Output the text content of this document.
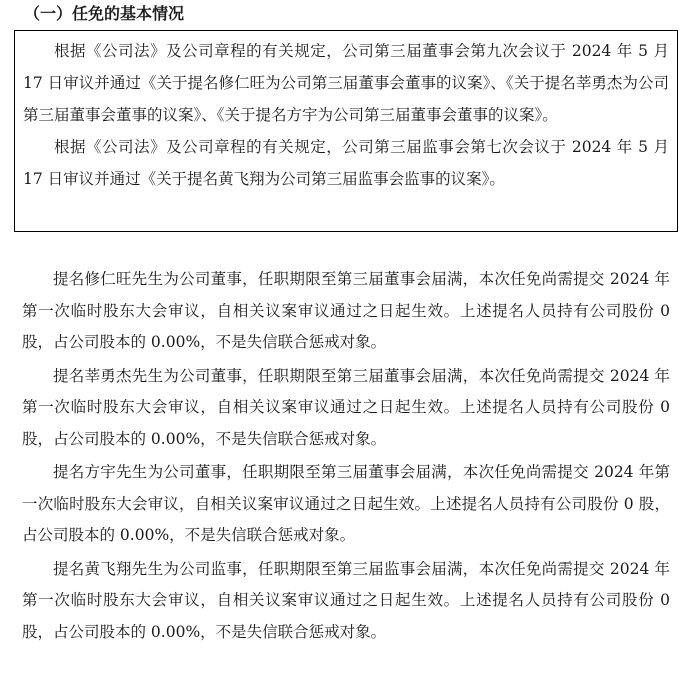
（一）任免的基本情况

根据《公司法》及公司章程的有关规定，公司第三届董事会第九次会议于 2024 年 5 月 17 日审议并通过《关于提名修仁旺为公司第三届董事会董事的议案》、《关于提名莘勇杰为公司第三届董事会董事的议案》、《关于提名方宇为公司第三届董事会董事的议案》。

根据《公司法》及公司章程的有关规定，公司第三届监事会第七次会议于 2024 年 5 月 17 日审议并通过《关于提名黄飞翔为公司第三届监事会监事的议案》。

提名修仁旺先生为公司董事，任职期限至第三届董事会届满，本次任免尚需提交 2024 年第一次临时股东大会审议，自相关议案审议通过之日起生效。上述提名人员持有公司股份 0 股，占公司股本的 0.00%，不是失信联合惩戒对象。

提名莘勇杰先生为公司董事，任职期限至第三届董事会届满，本次任免尚需提交 2024 年第一次临时股东大会审议，自相关议案审议通过之日起生效。上述提名人员持有公司股份 0 股，占公司股本的 0.00%，不是失信联合惩戒对象。

提名方宇先生为公司董事，任职期限至第三届董事会届满，本次任免尚需提交 2024 年第一次临时股东大会审议，自相关议案审议通过之日起生效。上述提名人员持有公司股份 0 股，占公司股本的 0.00%，不是失信联合惩戒对象。

提名黄飞翔先生为公司监事，任职期限至第三届监事会届满，本次任免尚需提交 2024 年第一次临时股东大会审议，自相关议案审议通过之日起生效。上述提名人员持有公司股份 0 股，占公司股本的 0.00%，不是失信联合惩戒对象。
